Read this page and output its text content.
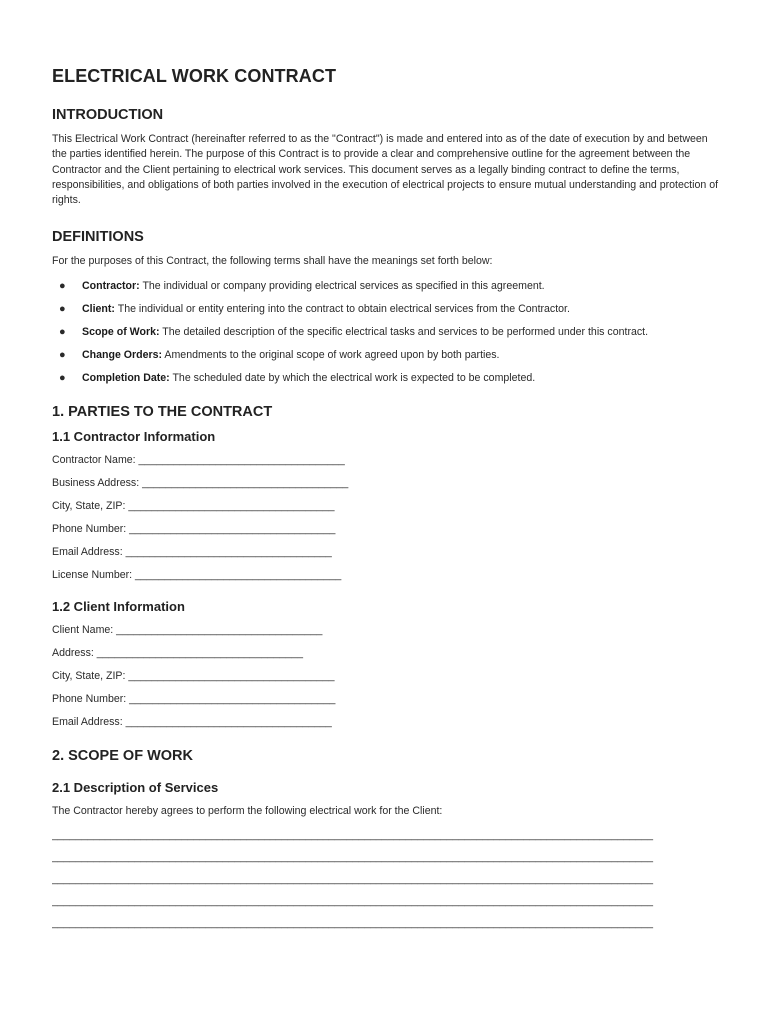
ELECTRICAL WORK CONTRACT
INTRODUCTION

This Electrical Work Contract (hereinafter referred to as the "Contract") is made and entered into as of the date of execution by and between the parties identified herein. The purpose of this Contract is to provide a clear and comprehensive outline for the agreement between the Contractor and the Client pertaining to electrical work services. This document serves as a legally binding contract to define the terms, responsibilities, and obligations of both parties involved in the execution of electrical projects to ensure mutual understanding and protection of rights.

DEFINITIONS

For the purposes of this Contract, the following terms shall have the meanings set forth below:

● Contractor: The individual or company providing electrical services as specified in this agreement.
● Client: The individual or entity entering into the contract to obtain electrical services from the Contractor.
● Scope of Work: The detailed description of the specific electrical tasks and services to be performed under this contract.
● Change Orders: Amendments to the original scope of work agreed upon by both parties.
● Completion Date: The scheduled date by which the electrical work is expected to be completed.
1. PARTIES TO THE CONTRACT
1.1 Contractor Information
Contractor Name: ___________________________________
Business Address: ___________________________________
City, State, ZIP: ___________________________________
Phone Number: ___________________________________
Email Address: ___________________________________
License Number: ___________________________________
1.2 Client Information
Client Name: ___________________________________
Address: ___________________________________
City, State, ZIP: ___________________________________
Phone Number: ___________________________________
Email Address: ___________________________________
2. SCOPE OF WORK
2.1 Description of Services

The Contractor hereby agrees to perform the following electrical work for the Client:

______________________________________________________________________________________________________
______________________________________________________________________________________________________
______________________________________________________________________________________________________
______________________________________________________________________________________________________
______________________________________________________________________________________________________
